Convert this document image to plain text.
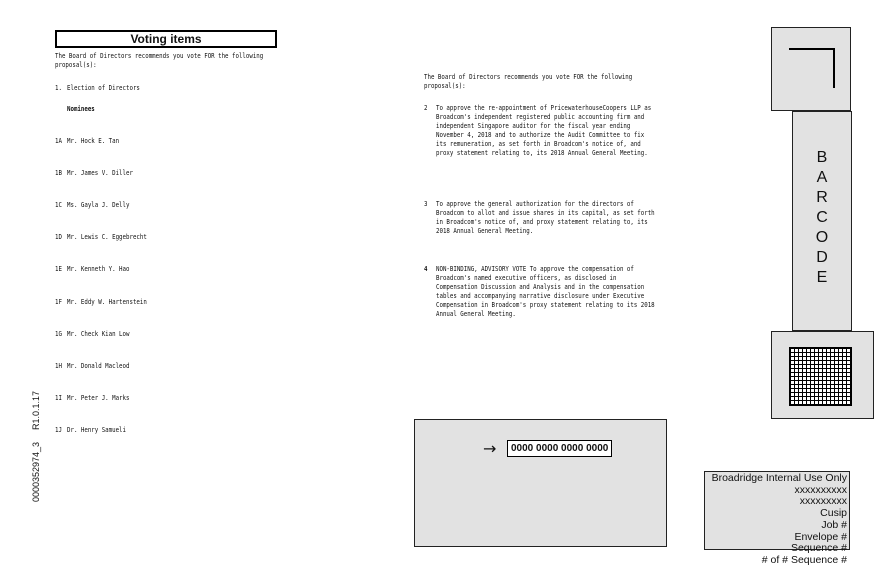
Voting items
The Board of Directors recommends you vote FOR the following proposal(s):
1. Election of Directors
Nominees
1A Mr. Hock E. Tan
1B Mr. James V. Diller
1C Ms. Gayla J. Delly
1D Mr. Lewis C. Eggebrecht
1E Mr. Kenneth Y. Hao
1F Mr. Eddy W. Hartenstein
1G Mr. Check Kian Low
1H Mr. Donald Macleod
1I Mr. Peter J. Marks
1J Dr. Henry Samueli
The Board of Directors recommends you vote FOR the following proposal(s):
2 To approve the re-appointment of PricewaterhouseCoopers LLP as Broadcom's independent registered public accounting firm and independent Singapore auditor for the fiscal year ending November 4, 2018 and to authorize the Audit Committee to fix its remuneration, as set forth in Broadcom's notice of, and proxy statement relating to, its 2018 Annual General Meeting.
3 To approve the general authorization for the directors of Broadcom to allot and issue shares in its capital, as set forth in Broadcom's notice of, and proxy statement relating to, its 2018 Annual General Meeting.
4 NON-BINDING, ADVISORY VOTE To approve the compensation of Broadcom's named executive officers, as disclosed in Compensation Discussion and Analysis and in the compensation tables and accompanying narrative disclosure under Executive Compensation in Broadcom's proxy statement relating to its 2018 Annual General Meeting.
→	0000 0000 0000 0000
B
A
R
C
O
D
E
Broadridge Internal Use Only
xxxxxxxxxx
xxxxxxxxx
Cusip
Job #
Envelope #
Sequence #
# of # Sequence #
0000352974_3
R1.0.1.17
